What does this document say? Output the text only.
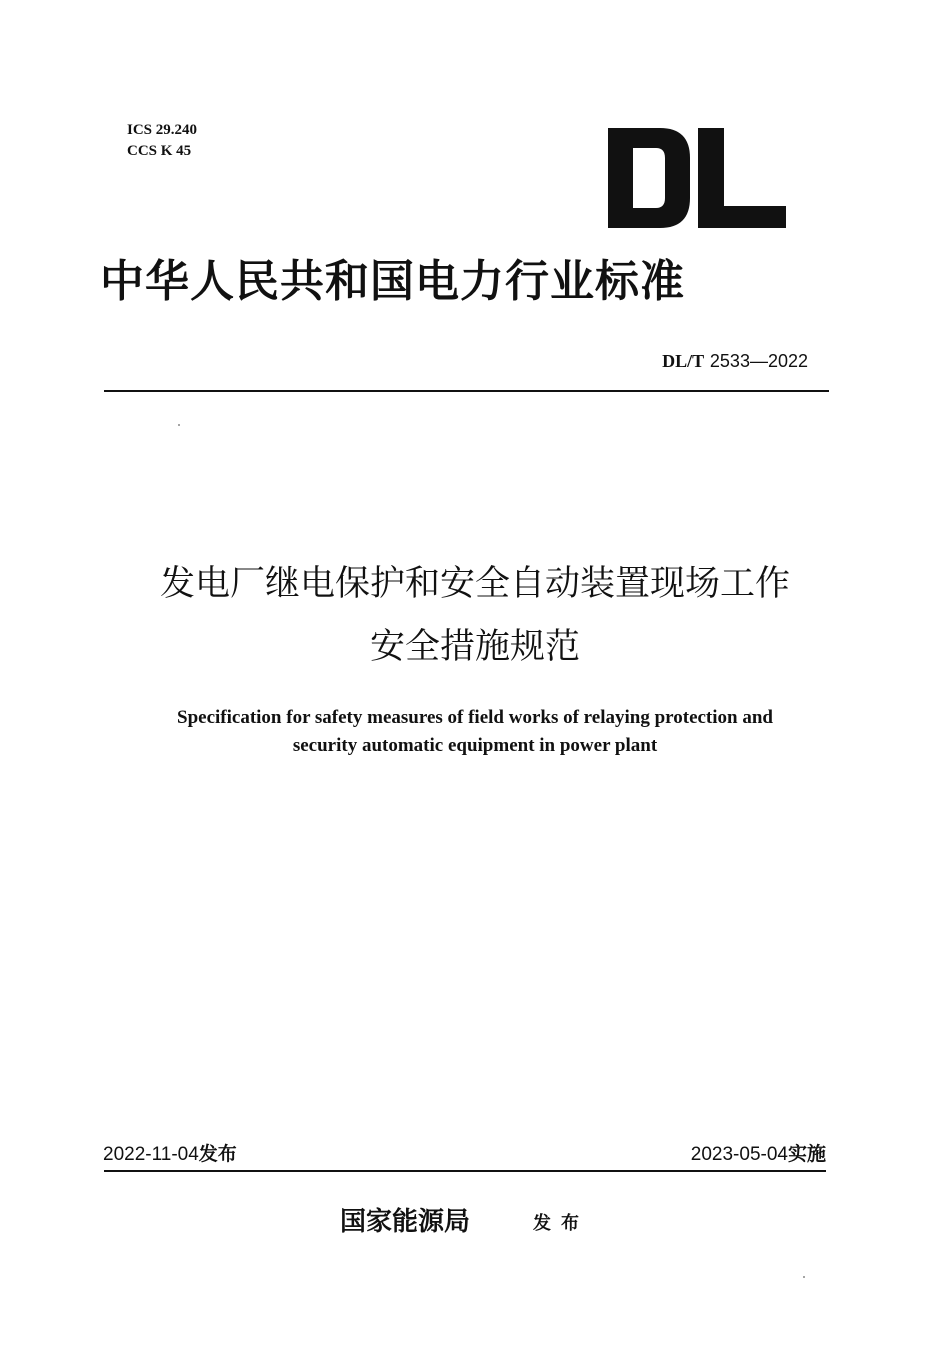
ICS 29.240
CCS K 45
中华人民共和国电力行业标准
DL/T 2533—2022
发电厂继电保护和安全自动装置现场工作
安全措施规范
Specification for safety measures of field works of relaying protection and
security automatic equipment in power plant
2022-11-04发布	2023-05-04实施
国家能源局	发布
